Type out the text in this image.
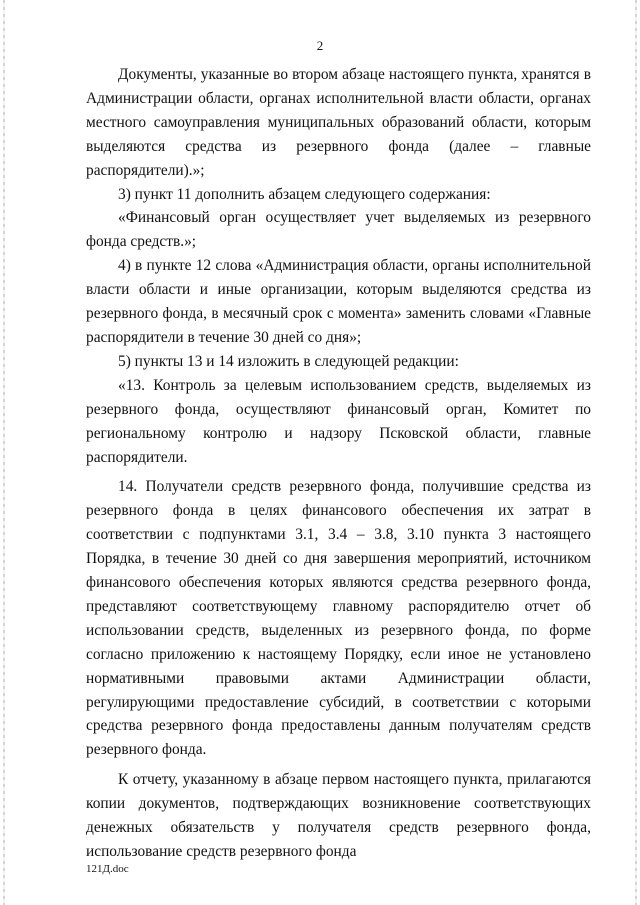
2

Документы, указанные во втором абзаце настоящего пункта, хранятся в Администрации области, органах исполнительной власти области, органах местного самоуправления муниципальных образований области, которым выделяются средства из резервного фонда (далее – главные распорядители).»;

3) пункт 11 дополнить абзацем следующего содержания:

«Финансовый орган осуществляет учет выделяемых из резервного фонда средств.»;

4) в пункте 12 слова «Администрация области, органы исполнительной власти области и иные организации, которым выделяются средства из резервного фонда, в месячный срок с момента» заменить словами «Главные распорядители в течение 30 дней со дня»;

5) пункты 13 и 14 изложить в следующей редакции:

«13. Контроль за целевым использованием средств, выделяемых из резервного фонда, осуществляют финансовый орган, Комитет по региональному контролю и надзору Псковской области, главные распорядители.

14. Получатели средств резервного фонда, получившие средства из резервного фонда в целях финансового обеспечения их затрат в соответствии с подпунктами 3.1, 3.4 – 3.8, 3.10 пункта 3 настоящего Порядка, в течение 30 дней со дня завершения мероприятий, источником финансового обеспечения которых являются средства резервного фонда, представляют соответствующему главному распорядителю отчет об использовании средств, выделенных из резервного фонда, по форме согласно приложению к настоящему Порядку, если иное не установлено нормативными правовыми актами Администрации области, регулирующими предоставление субсидий, в соответствии с которыми средства резервного фонда предоставлены данным получателям средств резервного фонда.

К отчету, указанному в абзаце первом настоящего пункта, прилагаются копии документов, подтверждающих возникновение соответствующих денежных обязательств у получателя средств резервного фонда, использование средств резервного фонда

121Д.doc
